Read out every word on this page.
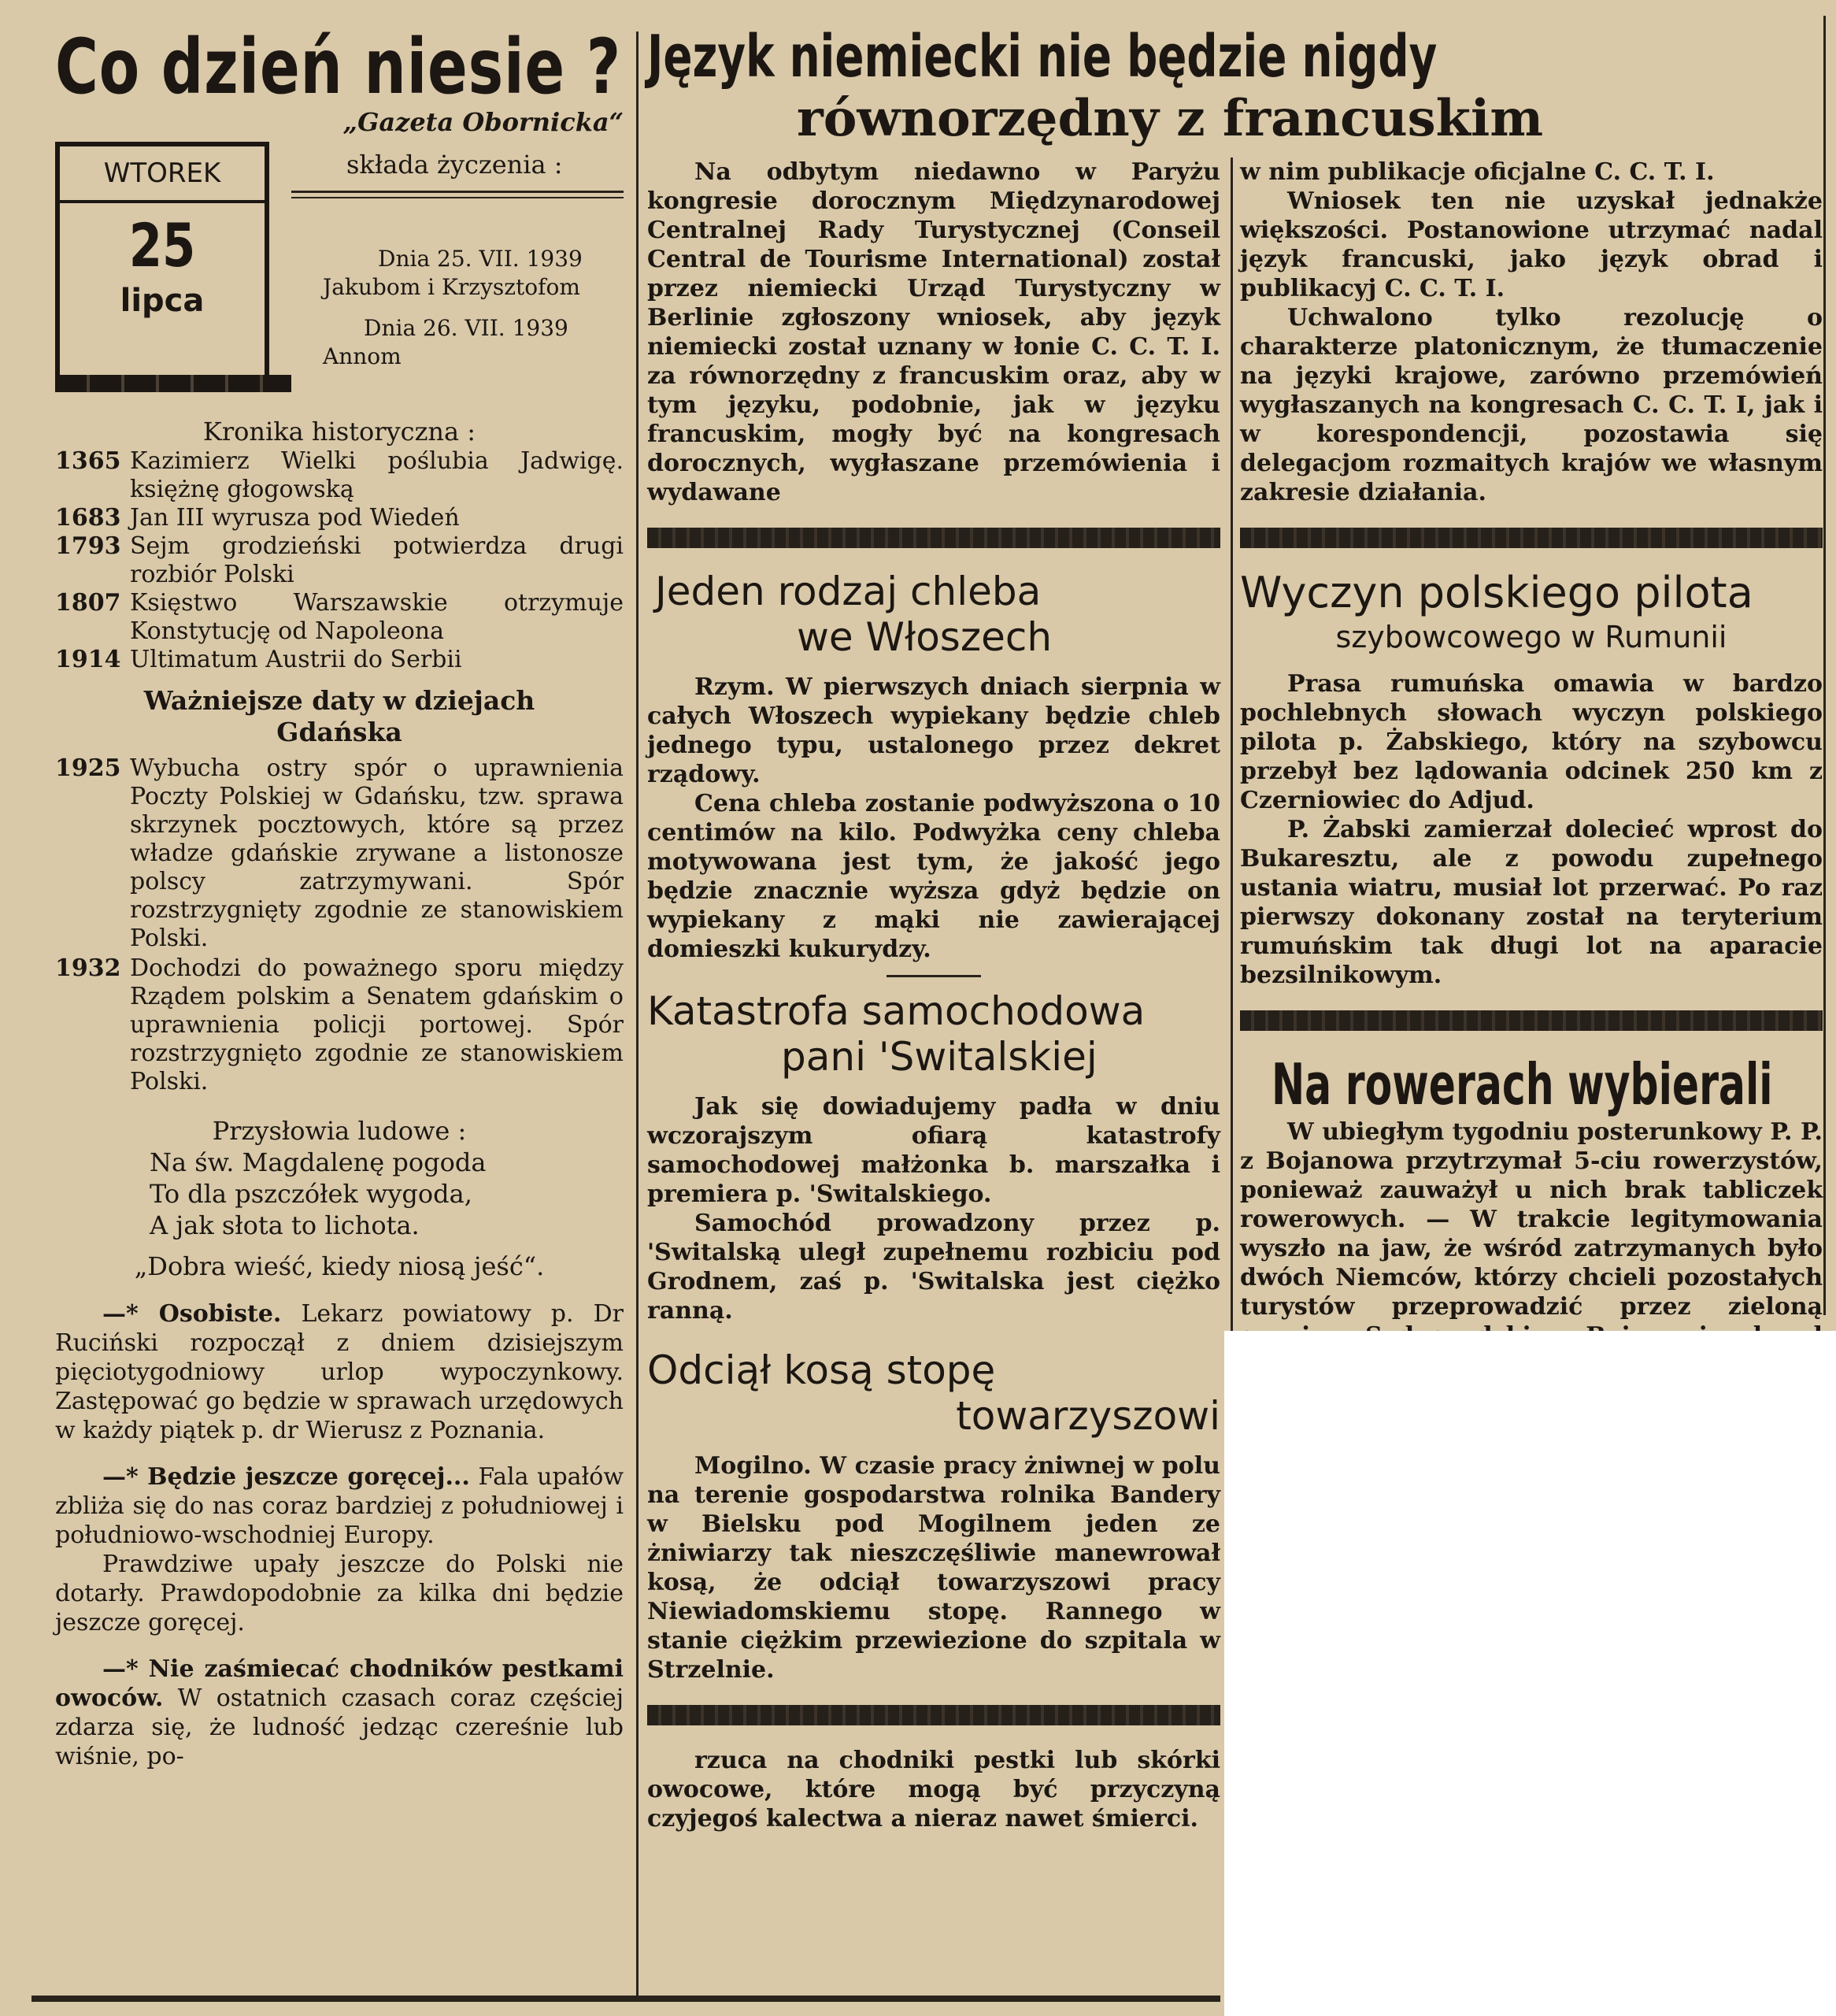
Co dzień niesie ?
„Gazeta Obornicka“
składa życzenia :
WTOREK
25
lipca
Dnia 25. VII. 1939
Jakubom i Krzysztofom
Dnia 26. VII. 1939
Annom
Kronika historyczna :
1365 Kazimierz Wielki poślubia Jadwigę. księżnę głogowską
1683 Jan III wyrusza pod Wiedeń
1793 Sejm grodzieński potwierdza drugi rozbiór Polski
1807 Księstwo Warszawskie otrzymuje Konstytucję od Napoleona
1914 Ultimatum Austrii do Serbii
Ważniejsze daty w dziejach Gdańska
1925 Wybucha ostry spór o uprawnienia Poczty Polskiej w Gdańsku, tzw. sprawa skrzynek pocztowych, które są przez władze gdańskie zrywane a listonosze polscy zatrzymywani. Spór rozstrzygnięty zgodnie ze stanowiskiem Polski.
1932 Dochodzi do poważnego sporu między Rządem polskim a Senatem gdańskim o uprawnienia policji portowej. Spór rozstrzygnięto zgodnie ze stanowiskiem Polski.
Przysłowia ludowe :
Na św. Magdalenę pogoda
To dla pszczółek wygoda,
A jak słota to lichota.
„Dobra wieść, kiedy niosą jeść“.

—* Osobiste. Lekarz powiatowy p. Dr Ruciński rozpoczął z dniem dzisiejszym pięciotygodniowy urlop wypoczynkowy. Zastępować go będzie w sprawach urzędowych w każdy piątek p. dr Wierusz z Poznania.

—* Będzie jeszcze goręcej... Fala upałów zbliża się do nas coraz bardziej z południowej i południowo-wschodniej Europy.

Prawdziwe upały jeszcze do Polski nie dotarły. Prawdopodobnie za kilka dni będzie jeszcze goręcej.

—* Nie zaśmiecać chodników pestkami owoców. W ostatnich czasach coraz częściej zdarza się, że ludność jedząc czereśnie lub wiśnie, po-

Język niemiecki nie będzie nigdy
równorzędny z francuskim

Na odbytym niedawno w Paryżu kongresie dorocznym Międzynarodowej Centralnej Rady Turystycznej (Conseil Central de Tourisme International) został przez niemiecki Urząd Turystyczny w Berlinie zgłoszony wniosek, aby język niemiecki został uznany w łonie C. C. T. I. za równorzędny z francuskim oraz, aby w tym języku, podobnie, jak w języku francuskim, mogły być na kongresach dorocznych, wygłaszane przemówienia i wydawane

Jeden rodzaj chleba
we Włoszech

Rzym. W pierwszych dniach sierpnia w całych Włoszech wypiekany będzie chleb jednego typu, ustalonego przez dekret rządowy.

Cena chleba zostanie podwyższona o 10 centimów na kilo. Podwyżka ceny chleba motywowana jest tym, że jakość jego będzie znacznie wyższa gdyż będzie on wypiekany z mąki nie zawierającej domieszki kukurydzy.

Katastrofa samochodowa
pani 'Switalskiej

Jak się dowiadujemy padła w dniu wczorajszym ofiarą katastrofy samochodowej małżonka b. marszałka i premiera p. 'Switalskiego.

Samochód prowadzony przez p. 'Switalską uległ zupełnemu rozbiciu pod Grodnem, zaś p. 'Switalska jest ciężko ranną.

Odciął kosą stopę
towarzyszowi

Mogilno. W czasie pracy żniwnej w polu na terenie gospodarstwa rolnika Bandery w Bielsku pod Mogilnem jeden ze żniwiarzy tak nieszczęśliwie manewrował kosą, że odciął towarzyszowi pracy Niewiadomskiemu stopę. Rannego w stanie ciężkim przewiezione do szpitala w Strzelnie.

rzuca na chodniki pestki lub skórki owocowe, które mogą być przyczyną czyjegoś kalectwa a nieraz nawet śmierci.

w nim publikacje oficjalne C. C. T. I.

Wniosek ten nie uzyskał jednakże większości. Postanowione utrzymać nadal język francuski, jako język obrad i publikacyj C. C. T. I.

Uchwalono tylko rezolucję o charakterze platonicznym, że tłumaczenie na języki krajowe, zarówno przemówień wygłaszanych na kongresach C. C. T. I, jak i w korespondencji, pozostawia się delegacjom rozmaitych krajów we własnym zakresie działania.

Wyczyn polskiego pilota
szybowcowego w Rumunii

Prasa rumuńska omawia w bardzo pochlebnych słowach wyczyn polskiego pilota p. Żabskiego, który na szybowcu przebył bez lądowania odcinek 250 km z Czerniowiec do Adjud.

P. Żabski zamierzał dolecieć wprost do Bukaresztu, ale z powodu zupełnego ustania wiatru, musiał lot przerwać. Po raz pierwszy dokonany został na teryterium rumuńskim tak długi lot na aparacie bezsilnikowym.

Na rowerach wybierali

W ubiegłym tygodniu posterunkowy P. P. z Bojanowa przytrzymał 5-ciu rowerzystów, ponieważ zauważył u nich brak tabliczek rowerowych. — W trakcie legitymowania wyszło na jaw, że wśród zatrzymanych było dwóch Niemców, którzy chcieli pozostałych turystów przeprowadzić przez zieloną
